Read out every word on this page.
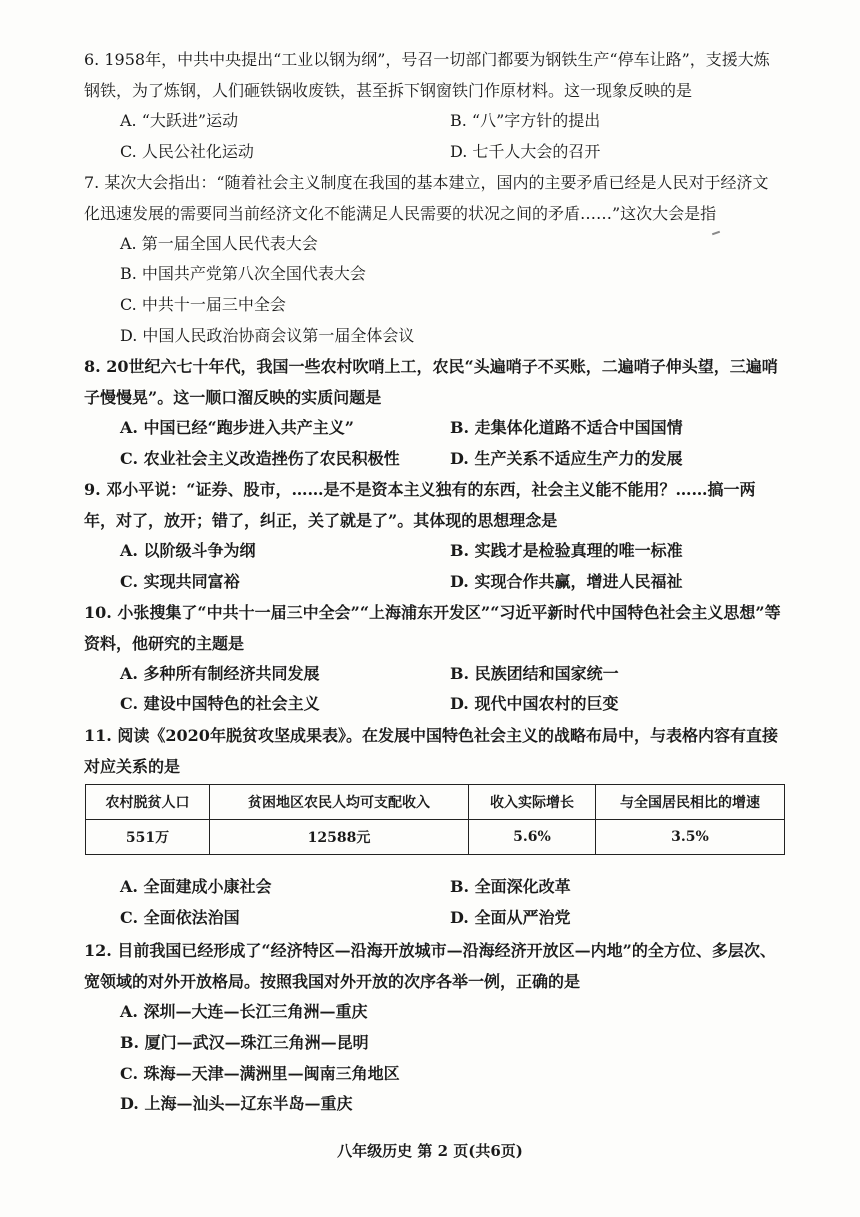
6. 1958年，中共中央提出“工业以钢为纲”，号召一切部门都要为钢铁生产“停车让路”，支援大炼钢铁，为了炼钢，人们砸铁锅收废铁，甚至拆下钢窗铁门作原材料。这一现象反映的是
A. “大跃进”运动	B. “八”字方针的提出
C. 人民公社化运动	D. 七千人大会的召开
7. 某次大会指出：“随着社会主义制度在我国的基本建立，国内的主要矛盾已经是人民对于经济文化迅速发展的需要同当前经济文化不能满足人民需要的状况之间的矛盾……”这次大会是指
A. 第一届全国人民代表大会
B. 中国共产党第八次全国代表大会
C. 中共十一届三中全会
D. 中国人民政治协商会议第一届全体会议
8. 20世纪六七十年代，我国一些农村吹哨上工，农民“头遍哨子不买账，二遍哨子伸头望，三遍哨子慢慢晃”。这一顺口溜反映的实质问题是
A. 中国已经“跑步进入共产主义”	B. 走集体化道路不适合中国国情
C. 农业社会主义改造挫伤了农民积极性	D. 生产关系不适应生产力的发展
9. 邓小平说：“证券、股市，……是不是资本主义独有的东西，社会主义能不能用？……搞一两年，对了，放开；错了，纠正，关了就是了”。其体现的思想理念是
A. 以阶级斗争为纲	B. 实践才是检验真理的唯一标准
C. 实现共同富裕	D. 实现合作共赢，增进人民福祉
10. 小张搜集了“中共十一届三中全会”“上海浦东开发区”“习近平新时代中国特色社会主义思想”等资料，他研究的主题是
A. 多种所有制经济共同发展	B. 民族团结和国家统一
C. 建设中国特色的社会主义	D. 现代中国农村的巨变
11. 阅读《2020年脱贫攻坚成果表》。在发展中国特色社会主义的战略布局中，与表格内容有直接对应关系的是
农村脱贫人口	贫困地区农民人均可支配收入	收入实际增长	与全国居民相比的增速
551万	12588元	5.6%	3.5%
A. 全面建成小康社会	B. 全面深化改革
C. 全面依法治国	D. 全面从严治党
12. 目前我国已经形成了“经济特区—沿海开放城市—沿海经济开放区—内地”的全方位、多层次、宽领域的对外开放格局。按照我国对外开放的次序各举一例，正确的是
A. 深圳—大连—长江三角洲—重庆
B. 厦门—武汉—珠江三角洲—昆明
C. 珠海—天津—满洲里—闽南三角地区
D. 上海—汕头—辽东半岛—重庆
八年级历史 第 2 页(共6页)
